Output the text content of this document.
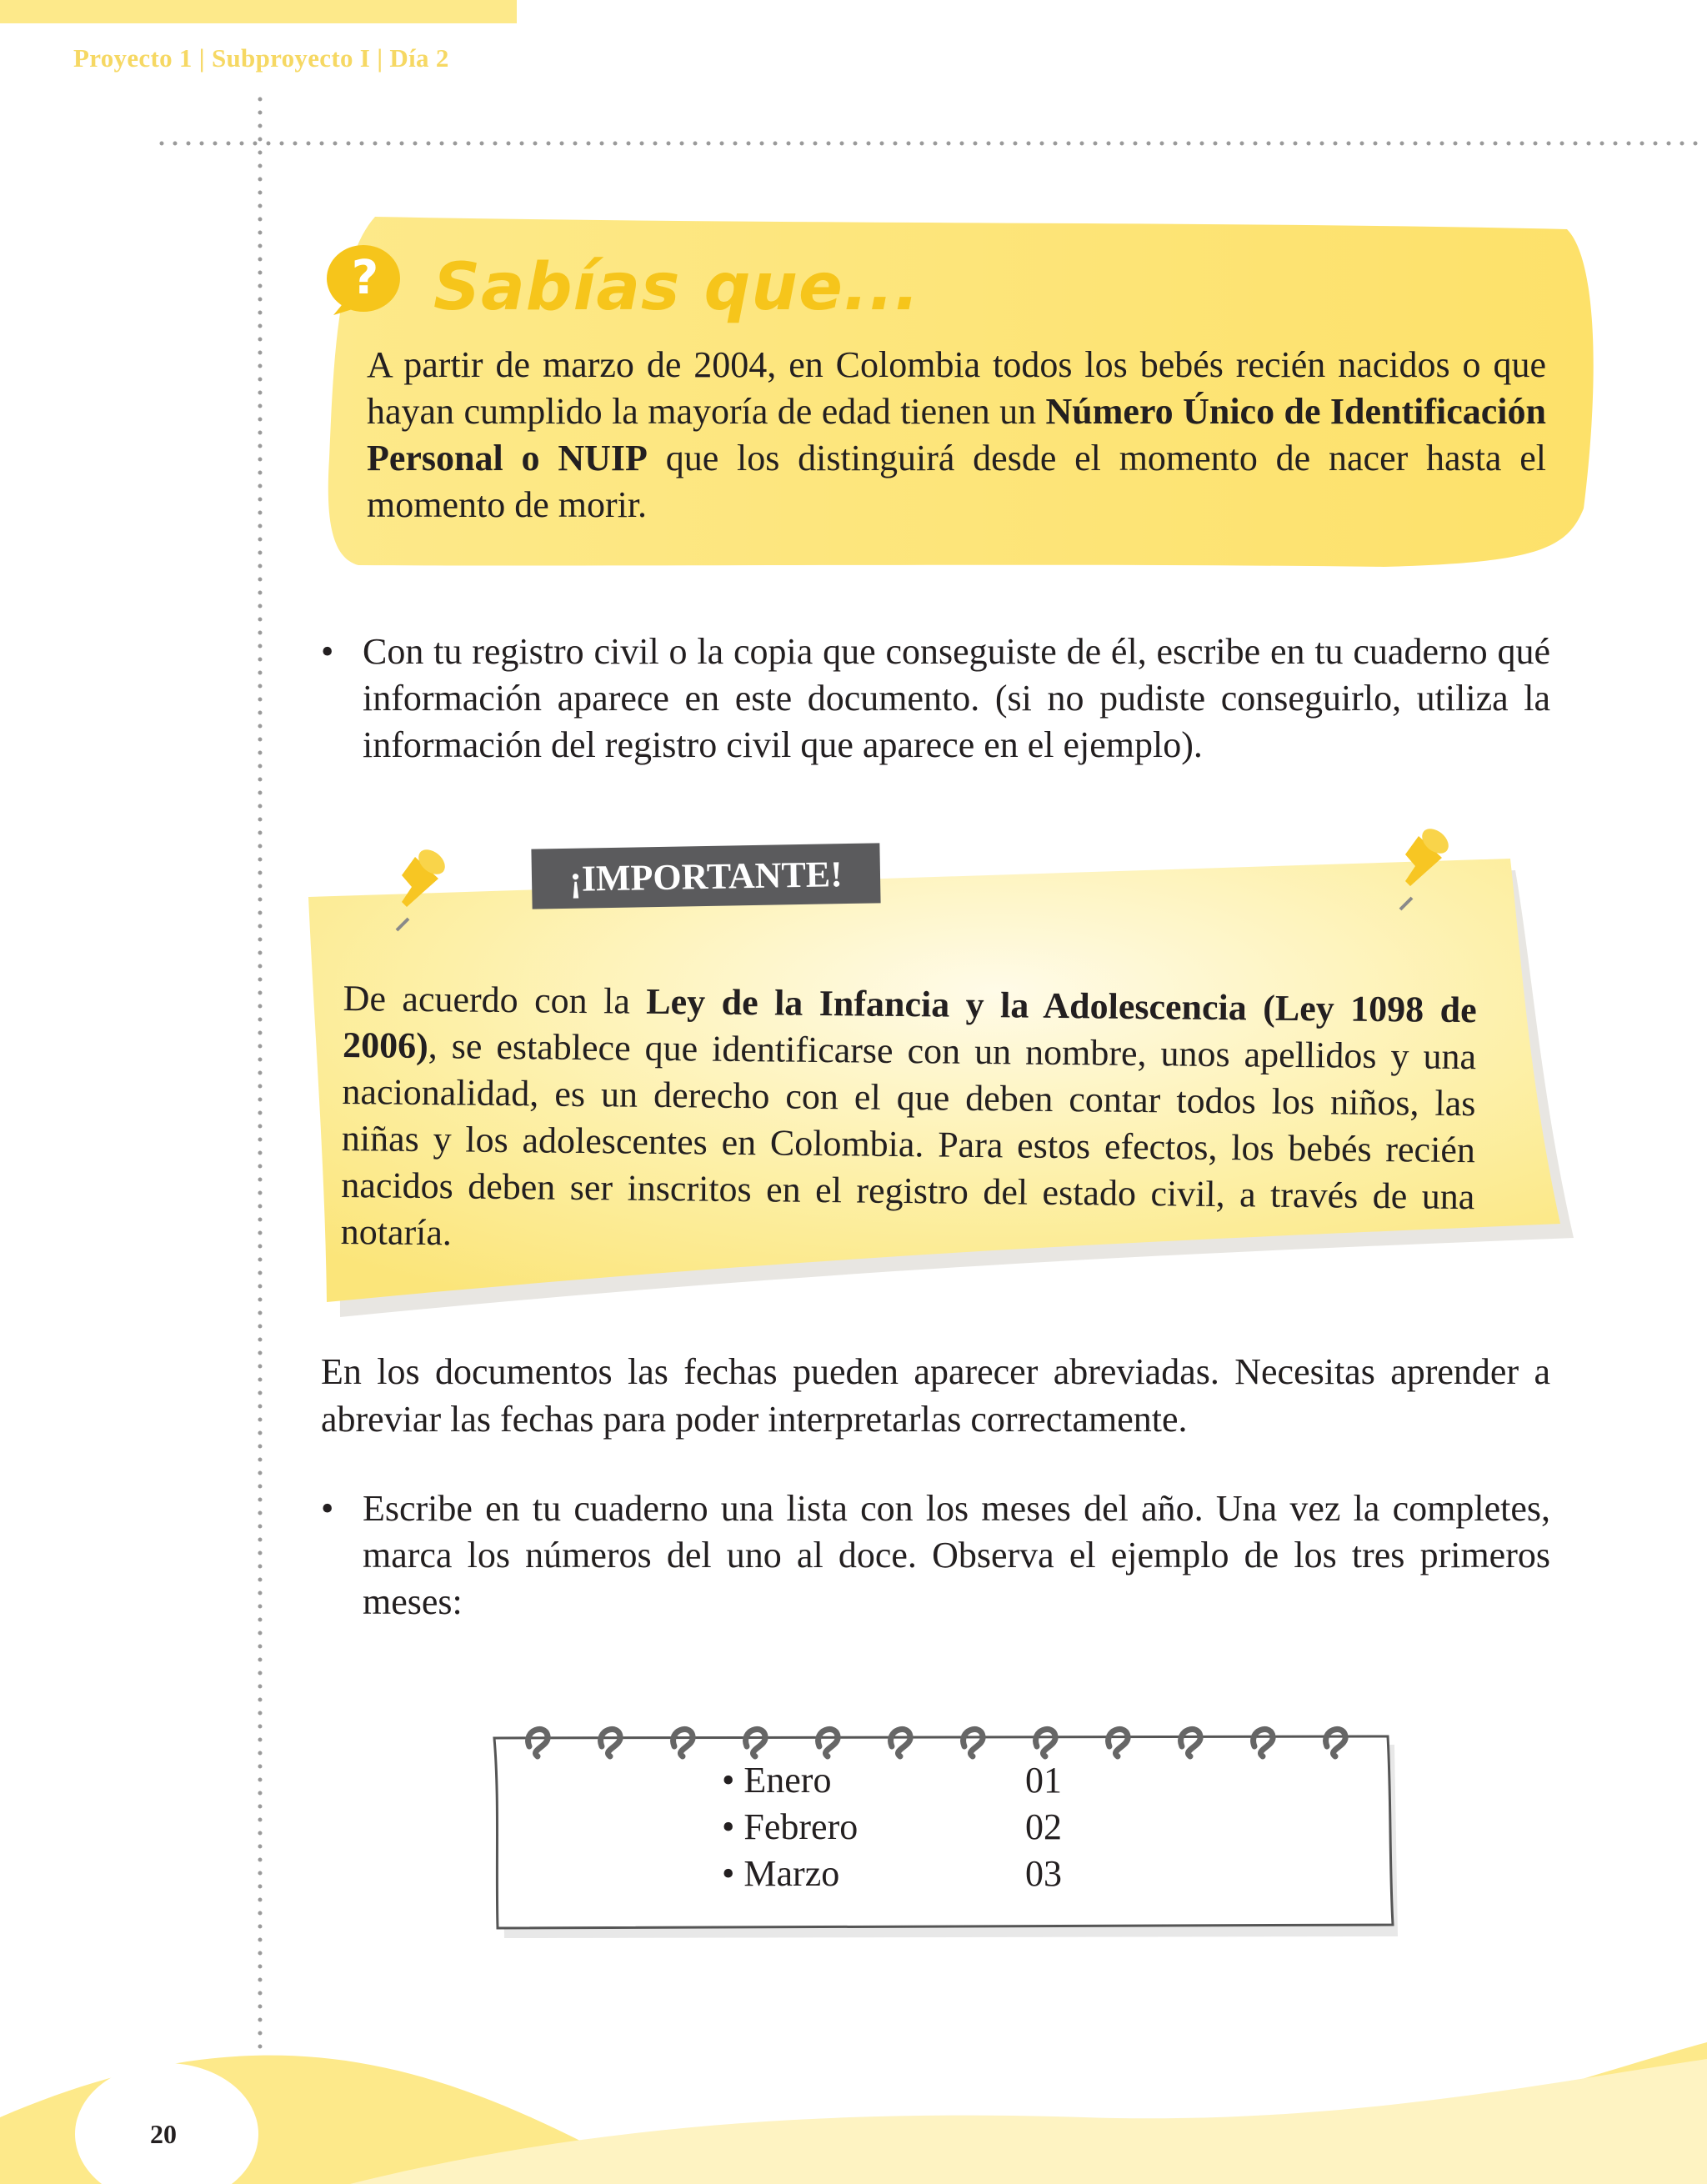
Proyecto 1 | Subproyecto I | Día 2
? Sabías que...
A partir de marzo de 2004, en Colombia todos los bebés recién nacidos o que hayan cumplido la mayoría de edad tienen un Número Único de Identificación Personal o NUIP que los distinguirá desde el momento de nacer hasta el momento de morir.
• Con tu registro civil o la copia que conseguiste de él, escribe en tu cuaderno qué información aparece en este documento. (si no pudiste conseguirlo, utiliza la información del registro civil que aparece en el ejemplo).
¡IMPORTANTE!
De acuerdo con la Ley de la Infancia y la Adolescencia (Ley 1098 de 2006), se establece que identificarse con un nombre, unos apellidos y una nacionalidad, es un derecho con el que deben contar todos los niños, las niñas y los adolescentes en Colombia. Para estos efectos, los bebés recién nacidos deben ser inscritos en el registro del estado civil, a través de una notaría.
En los documentos las fechas pueden aparecer abreviadas. Necesitas aprender a abreviar las fechas para poder interpretarlas correctamente.
• Escribe en tu cuaderno una lista con los meses del año. Una vez la completes, marca los números del uno al doce. Observa el ejemplo de los tres primeros meses:
• Enero	01
• Febrero	02
• Marzo	03
20
